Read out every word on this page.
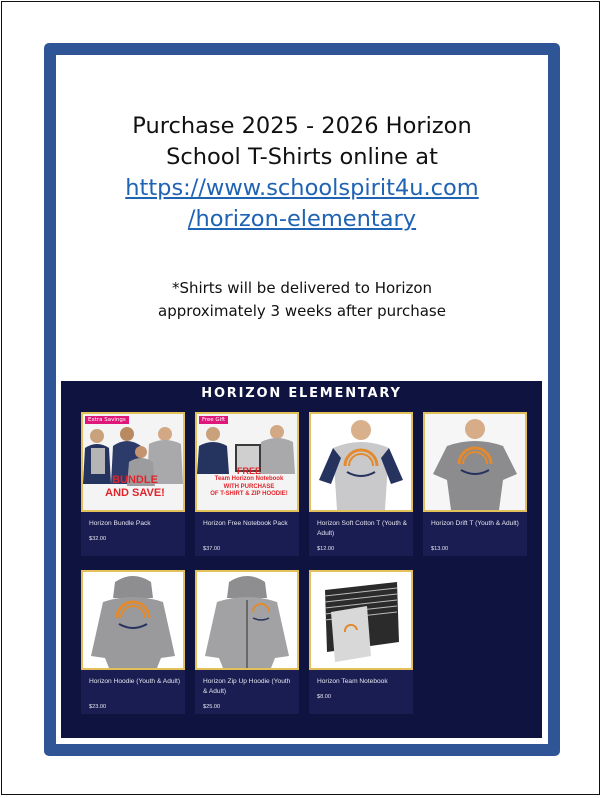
Purchase 2025 - 2026 Horizon
School T-Shirts online at
https://www.schoolspirit4u.com
/horizon-elementary
*Shirts will be delivered to Horizon
approximately 3 weeks after purchase
HORIZON ELEMENTARY
Extra Savings
BUNDLE
AND SAVE!
Horizon Bundle Pack
$32.00
Free Gift
FREE
Team Horizon Notebook
WITH PURCHASE
OF T-SHIRT & ZIP HOODIE!
Horizon Free Notebook Pack
$37.00
Horizon Soft Cotton T (Youth & Adult)
$12.00
Horizon Drift T (Youth & Adult)
$13.00
Horizon Hoodie (Youth & Adult)
$23.00
Horizon Zip Up Hoodie (Youth & Adult)
$25.00
Horizon Team Notebook
$8.00
